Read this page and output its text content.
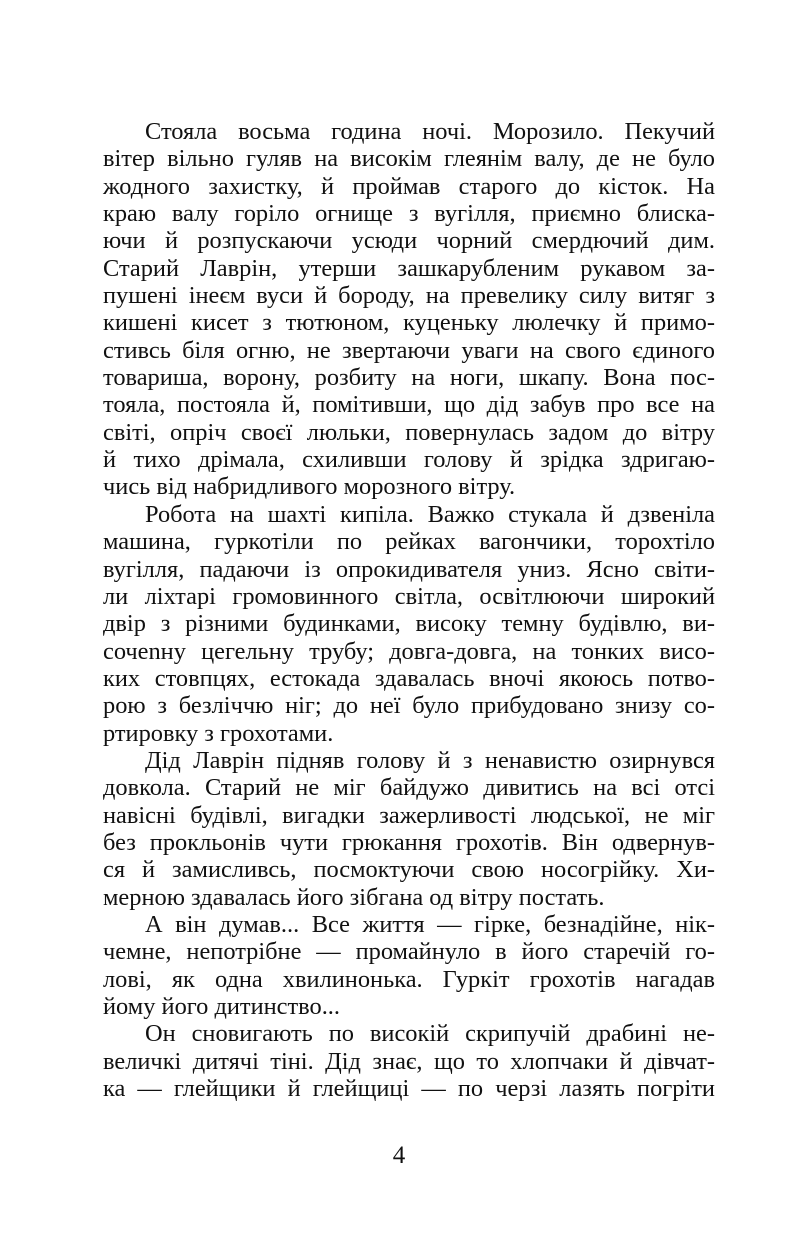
Стояла восьма година ночі. Морозило. Пекучий
вітер вільно гуляв на високім глеянім валу, де не було
жодного захистку, й проймав старого до кісток. На
краю валу горіло огнище з вугілля, приємно блиска-
ючи й розпускаючи усюди чорний смердючий дим.
Старий Лаврін, утерши зашкарубленим рукавом за-
пушені інеєм вуси й бороду, на превелику силу витяг з
кишені кисет з тютюном, куценьку люлечку й примо-
стивсь біля огню, не звертаючи уваги на свого єдиного
товариша, ворону, розбиту на ноги, шкапу. Вона пос-
тояла, постояла й, помітивши, що дід забув про все на
світі, опріч своєї люльки, повернулась задом до вітру
й тихо дрімала, схиливши голову й зрідка здригаю-
чись від набридливого морозного вітру.
Робота на шахті кипіла. Важко стукала й дзвеніла
машина, гуркотіли по рейках вагончики, торохтіло
вугілля, падаючи із опрокидивателя униз. Ясно світи-
ли ліхтарі громовинного світла, освітлюючи широкий
двір з різними будинками, високу темну будівлю, ви-
сочenну цегельну трубу; довга-довга, на тонких висо-
ких стовпцях, естокада здавалась вночі якоюсь потво-
рою з безліччю ніг; до неї було прибудовано знизу со-
ртировку з грохотами.
Дід Лаврін підняв голову й з ненавистю озирнувся
довкола. Старий не міг байдужо дивитись на всі отсі
навісні будівлі, вигадки зажерливості людської, не міг
без прокльонів чути грюкання грохотів. Він одвернув-
ся й замисливсь, посмоктуючи свою носогрійку. Хи-
мерною здавалась його зібгана од вітру постать.
А він думав... Все життя — гірке, безнадійне, нік-
чемне, непотрібне — промайнуло в його старечій го-
лові, як одна хвилинонька. Гуркіт грохотів нагадав
йому його дитинство...
Он сновигають по високій скрипучій драбині не-
величкі дитячі тіні. Дід знає, що то хлопчаки й дівчат-
ка — глейщики й глейщиці — по черзі лазять погріти
4
